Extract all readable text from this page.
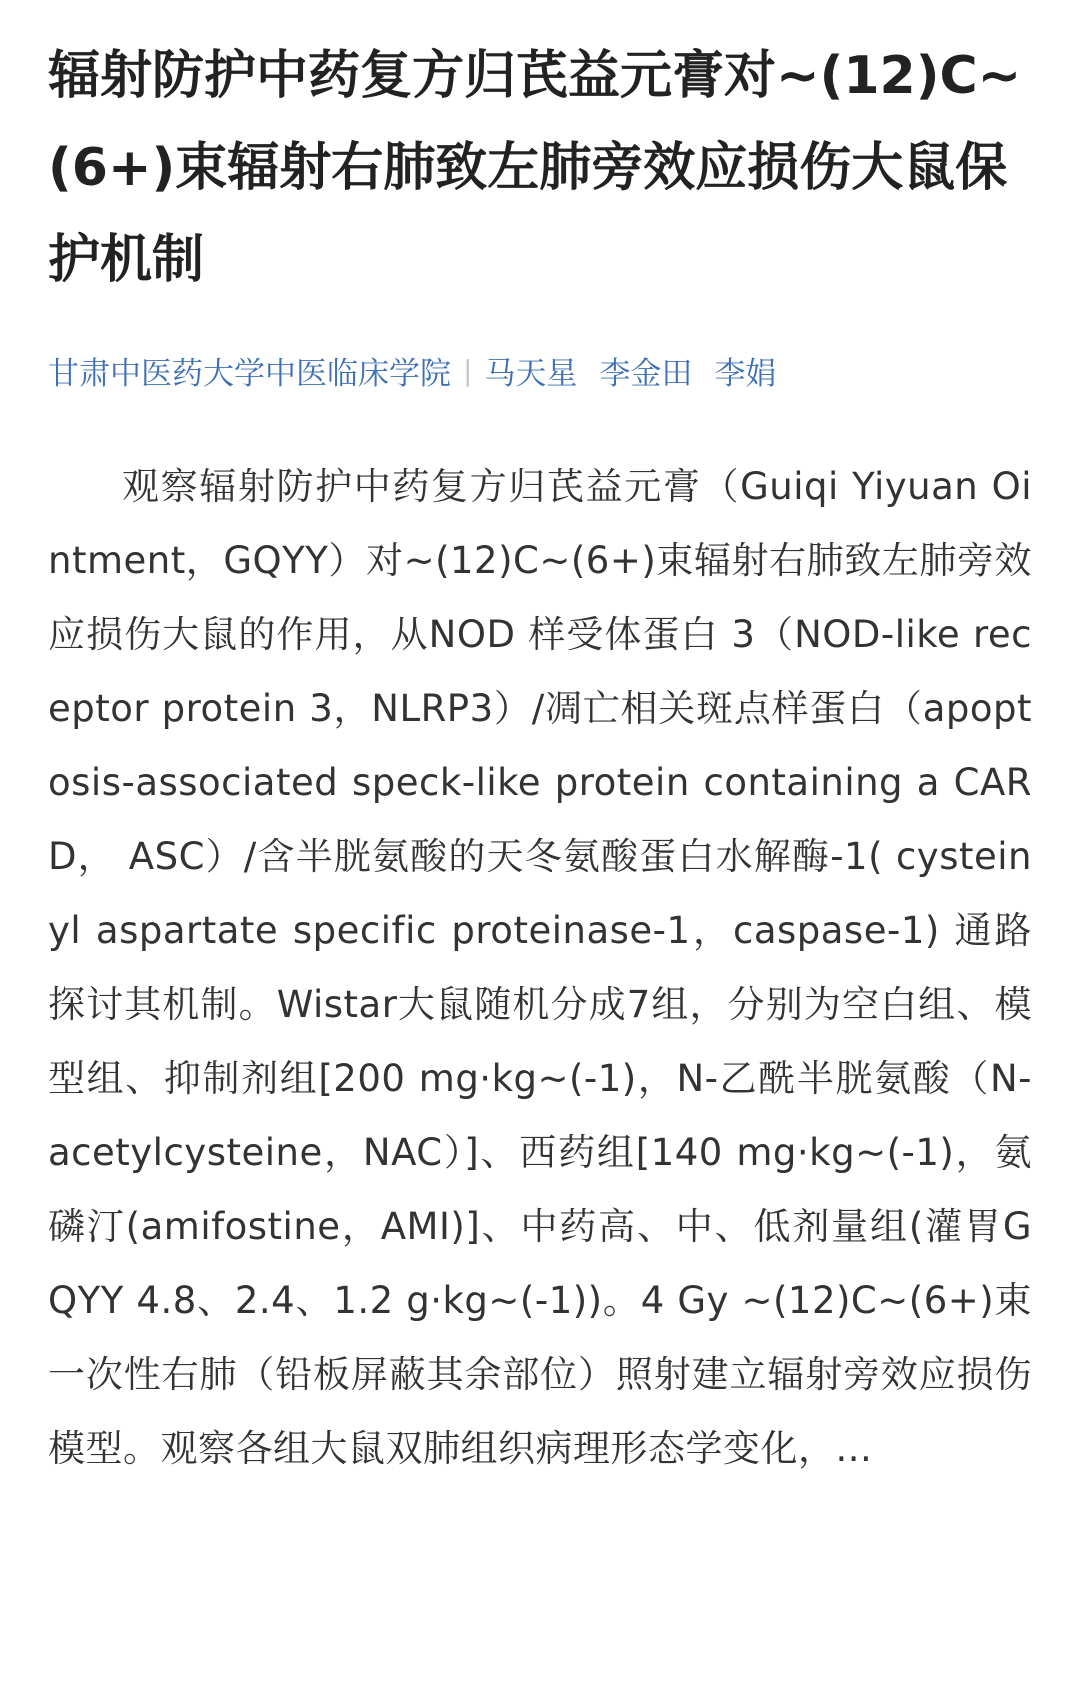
辐射防护中药复方归芪益元膏对~(12)C~(6+)束辐射右肺致左肺旁效应损伤大鼠保护机制
甘肃中医药大学中医临床学院 | 马天星 李金田 李娟

观察辐射防护中药复方归芪益元膏（Guiqi Yiyuan Ointment，GQYY）对~(12)C~(6+)束辐射右肺致左肺旁效应损伤大鼠的作用，从NOD 样受体蛋白 3（NOD-like receptor protein 3，NLRP3）/凋亡相关斑点样蛋白（apoptosis-associated speck-like protein containing a CARD， ASC）/含半胱氨酸的天冬氨酸蛋白水解酶-1( cysteinyl aspartate specific proteinase-1，caspase-1) 通路探讨其机制。Wistar大鼠随机分成7组，分别为空白组、模型组、抑制剂组[200 mg·kg~(-1)，N-乙酰半胱氨酸（N-acetylcysteine，NAC）]、西药组[140 mg·kg~(-1)，氨磷汀(amifostine，AMI)]、中药高、中、低剂量组(灌胃GQYY 4.8、2.4、1.2 g·kg~(-1))。4 Gy ~(12)C~(6+)束一次性右肺（铅板屏蔽其余部位）照射建立辐射旁效应损伤模型。观察各组大鼠双肺组织病理形态学变化，...
